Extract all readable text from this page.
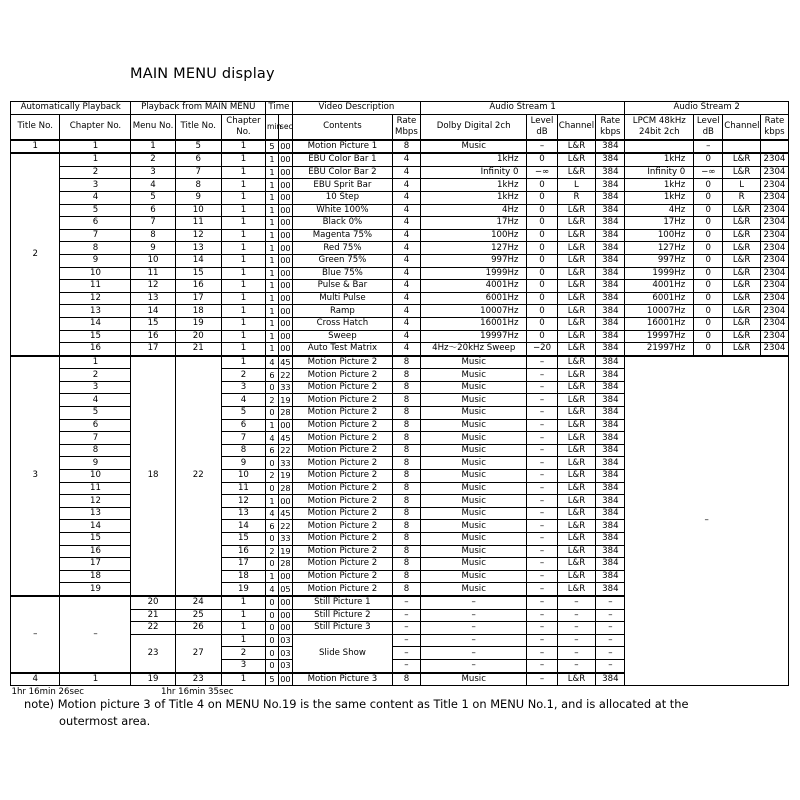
MAIN MENU display
Automatically Playback		Playback from MAIN MENU			Time		Video Description		Audio Stream 1				Audio Stream 2			
Title No.	Chapter No.	Menu No.	Title No.	Chapter No.			Contents	Rate Mbps	Dolby Digital 2ch	Level dB	Channel	Rate kbps	LPCM 48kHz 24bit 2ch	Level dB	Channel	Rate kbps
					min	sec										
1	1	1	5	1	5	00	Motion Picture 1	8	Music	–	L&R	384		–		
2	1	2	6	1	1	00	EBU Color Bar 1	4	1kHz	0	L&R	384	1kHz	0	L&R	2304
	2	3	7	1	1	00	EBU Color Bar 2	4	Infinity 0	−∞	L&R	384	Infinity 0	−∞	L&R	2304
	3	4	8	1	1	00	EBU Sprit Bar	4	1kHz	0	L	384	1kHz	0	L	2304
	4	5	9	1	1	00	10 Step	4	1kHz	0	R	384	1kHz	0	R	2304
	5	6	10	1	1	00	White 100%	4	4Hz	0	L&R	384	4Hz	0	L&R	2304
	6	7	11	1	1	00	Black 0%	4	17Hz	0	L&R	384	17Hz	0	L&R	2304
	7	8	12	1	1	00	Magenta 75%	4	100Hz	0	L&R	384	100Hz	0	L&R	2304
	8	9	13	1	1	00	Red 75%	4	127Hz	0	L&R	384	127Hz	0	L&R	2304
	9	10	14	1	1	00	Green 75%	4	997Hz	0	L&R	384	997Hz	0	L&R	2304
	10	11	15	1	1	00	Blue 75%	4	1999Hz	0	L&R	384	1999Hz	0	L&R	2304
	11	12	16	1	1	00	Pulse & Bar	4	4001Hz	0	L&R	384	4001Hz	0	L&R	2304
	12	13	17	1	1	00	Multi Pulse	4	6001Hz	0	L&R	384	6001Hz	0	L&R	2304
	13	14	18	1	1	00	Ramp	4	10007Hz	0	L&R	384	10007Hz	0	L&R	2304
	14	15	19	1	1	00	Cross Hatch	4	16001Hz	0	L&R	384	16001Hz	0	L&R	2304
	15	16	20	1	1	00	Sweep	4	19997Hz	0	L&R	384	19997Hz	0	L&R	2304
	16	17	21	1	1	00	Auto Test Matrix	4	4Hz～20kHz Sweep	−20	L&R	384	21997Hz	0	L&R	2304
3	1	18	22	1	4	45	Motion Picture 2	8	Music	–	L&R	384	–			
	2			2	6	22	Motion Picture 2	8	Music	–	L&R	384				
	3			3	0	33	Motion Picture 2	8	Music	–	L&R	384				
	4			4	2	19	Motion Picture 2	8	Music	–	L&R	384				
	5			5	0	28	Motion Picture 2	8	Music	–	L&R	384				
	6			6	1	00	Motion Picture 2	8	Music	–	L&R	384				
	7			7	4	45	Motion Picture 2	8	Music	–	L&R	384				
	8			8	6	22	Motion Picture 2	8	Music	–	L&R	384				
	9			9	0	33	Motion Picture 2	8	Music	–	L&R	384				
	10			10	2	19	Motion Picture 2	8	Music	–	L&R	384				
	11			11	0	28	Motion Picture 2	8	Music	–	L&R	384				
	12			12	1	00	Motion Picture 2	8	Music	–	L&R	384				
	13			13	4	45	Motion Picture 2	8	Music	–	L&R	384				
	14			14	6	22	Motion Picture 2	8	Music	–	L&R	384				
	15			15	0	33	Motion Picture 2	8	Music	–	L&R	384				
	16			16	2	19	Motion Picture 2	8	Music	–	L&R	384				
	17			17	0	28	Motion Picture 2	8	Music	–	L&R	384				
	18			18	1	00	Motion Picture 2	8	Music	–	L&R	384				
	19			19	4	05	Motion Picture 2	8	Music	–	L&R	384				
–	–	20	24	1	0	00	Still Picture 1	–	–	–	–	–				
		21	25	1	0	00	Still Picture 2	–	–	–	–	–				
		22	26	1	0	00	Still Picture 3	–	–	–	–	–				
		23	27	1	0	03	Slide Show	–	–	–	–	–				
				2	0	03		–	–	–	–	–				
				3	0	03		–	–	–	–	–				
4	1	19	23	1	5	00	Motion Picture 3	8	Music	–	L&R	384				
1hr 16min 26sec		1hr 16min 35sec														
note) Motion picture 3 of Title 4 on MENU No.19 is the same content as Title 1 on MENU No.1, and is allocated at the
outermost area.
